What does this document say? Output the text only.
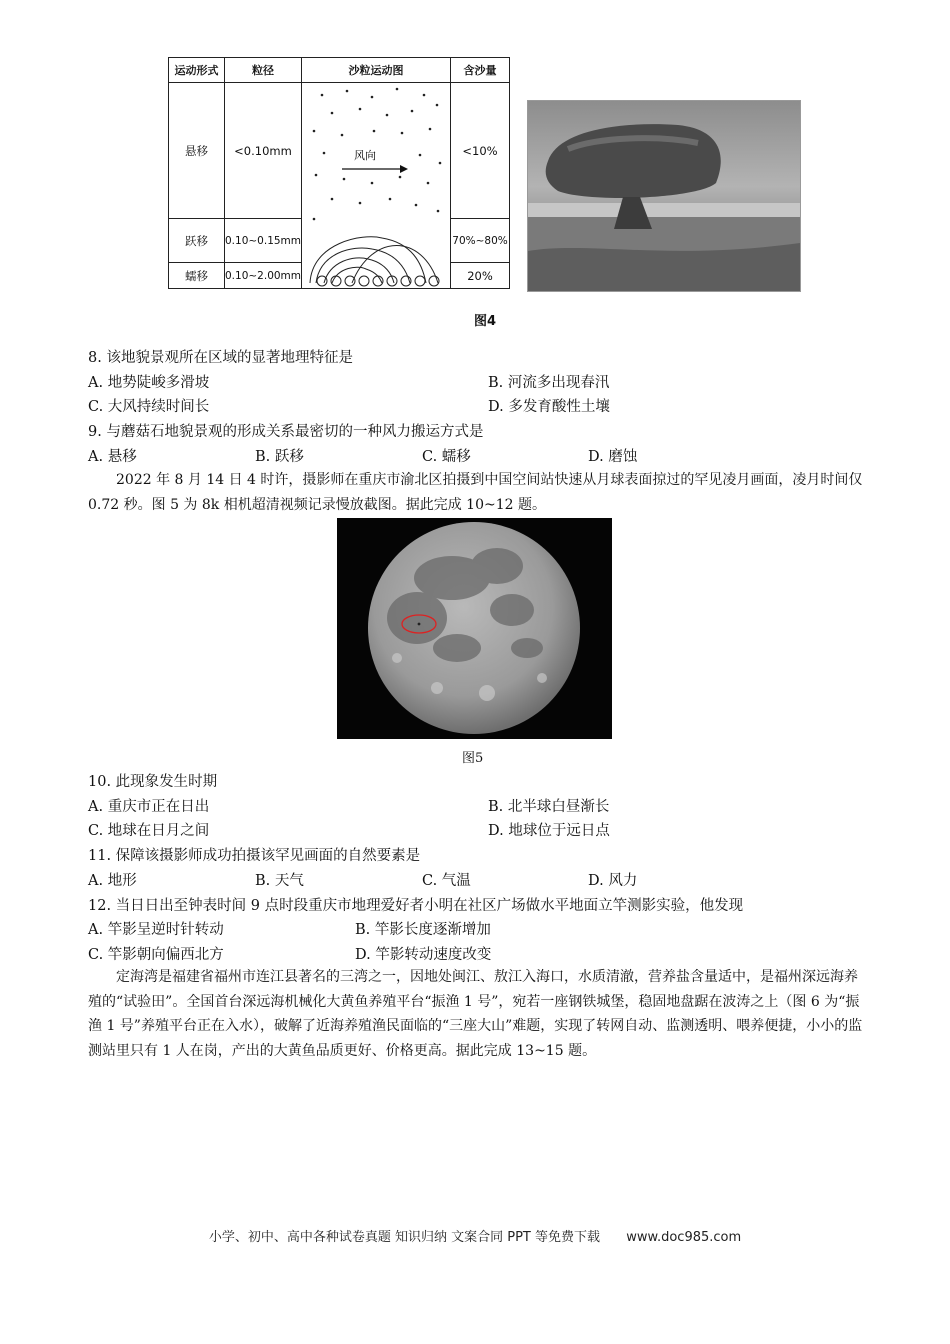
运动形式	粒径	沙粒运动图	含沙量
悬移	<0.10mm	风向	<10%
跃移	0.10~0.15mm		70%~80%
蠕移	0.10~2.00mm		20%
图4
8. 该地貌景观所在区域的显著地理特征是
A. 地势陡峻多滑坡	B. 河流多出现春汛
C. 大风持续时间长	D. 多发育酸性土壤
9. 与蘑菇石地貌景观的形成关系最密切的一种风力搬运方式是
A. 悬移	B. 跃移	C. 蠕移	D. 磨蚀
2022 年 8 月 14 日 4 时许，摄影师在重庆市渝北区拍摄到中国空间站快速从月球表面掠过的罕见凌月画面，凌月时间仅 0.72 秒。图 5 为 8k 相机超清视频记录慢放截图。据此完成 10~12 题。
图5
10. 此现象发生时期
A. 重庆市正在日出	B. 北半球白昼渐长
C. 地球在日月之间	D. 地球位于远日点
11. 保障该摄影师成功拍摄该罕见画面的自然要素是
A. 地形	B. 天气	C. 气温	D. 风力
12. 当日日出至钟表时间 9 点时段重庆市地理爱好者小明在社区广场做水平地面立竿测影实验，他发现
A. 竿影呈逆时针转动	B. 竿影长度逐渐增加
C. 竿影朝向偏西北方	D. 竿影转动速度改变
定海湾是福建省福州市连江县著名的三湾之一，因地处闽江、敖江入海口，水质清澈，营养盐含量适中，是福州深远海养殖的“试验田”。全国首台深远海机械化大黄鱼养殖平台“振渔 1 号”，宛若一座钢铁城堡，稳固地盘踞在波涛之上（图 6 为“振渔 1 号”养殖平台正在入水），破解了近海养殖渔民面临的“三座大山”难题，实现了转网自动、监测透明、喂养便捷，小小的监测站里只有 1 人在岗，产出的大黄鱼品质更好、价格更高。据此完成 13~15 题。
小学、初中、高中各种试卷真题 知识归纳 文案合同 PPT 等免费下载 www.doc985.com
